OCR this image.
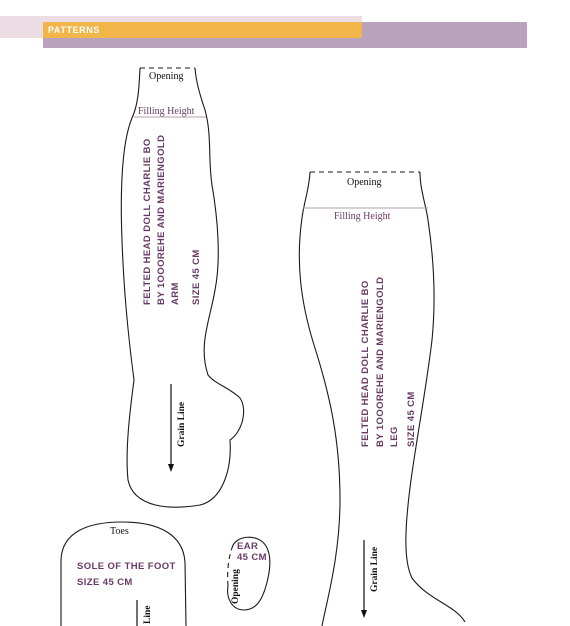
PATTERNS
Opening
Filling Height
FELTED HEAD DOLL CHARLIE BO BY 1OOOREHE AND MARIENGOLD ARM SIZE 45 CM
Grain Line
Opening
Filling Height
FELTED HEAD DOLL CHARLIE BO BY 1OOOREHE AND MARIENGOLD LEG SIZE 45 CM
Grain Line
Toes
SOLE OF THE FOOT
SIZE 45 CM
Line
EAR
45 CM
Opening
